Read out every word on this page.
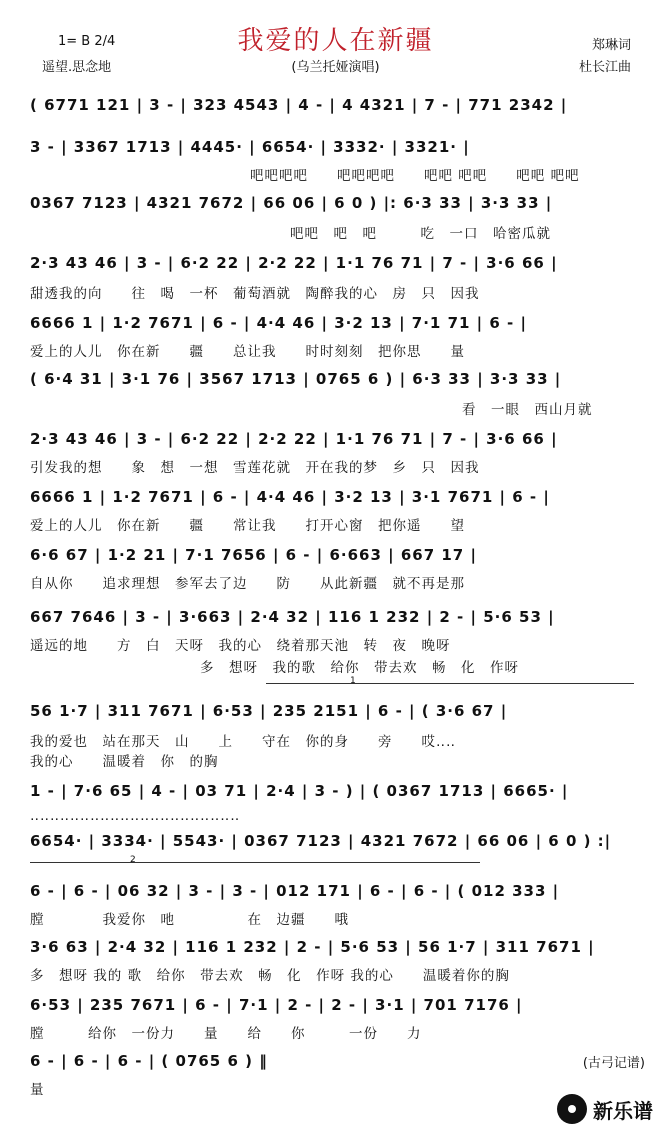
我爱的人在新疆
1= B 2/4
遥望.思念地	(乌兰托娅演唱)
郑琳词
杜长江曲
( 6771 121 | 3 - | 323 4543 | 4 - | 4 4321 | 7 - | 771 2342 |
3 - | 3367 1713 | 4445· | 6654· | 3332· | 3321· |
吧吧吧吧　　吧吧吧吧　　吧吧 吧吧　　吧吧 吧吧
0367 7123 | 4321 7672 | 66 06 | 6 0 ) |: 6·3 33 | 3·3 33 |
吧吧　吧　吧　　　吃　一口　哈密瓜就
2·3 43 46 | 3 - | 6·2 22 | 2·2 22 | 1·1 76 71 | 7 - | 3·6 66 |
甜透我的向　　往　喝　一杯　葡萄酒就　陶醉我的心　房　只　因我
6666 1 | 1·2 7671 | 6 - | 4·4 46 | 3·2 13 | 7·1 71 | 6 - |
爱上的人儿　你在新　　疆　　总让我　　时时刻刻　把你思　　量
( 6·4 31 | 3·1 76 | 3567 1713 | 0765 6 ) | 6·3 33 | 3·3 33 |
看　一眼　西山月就
2·3 43 46 | 3 - | 6·2 22 | 2·2 22 | 1·1 76 71 | 7 - | 3·6 66 |
引发我的想　　象　想　一想　雪莲花就　开在我的梦　乡　只　因我
6666 1 | 1·2 7671 | 6 - | 4·4 46 | 3·2 13 | 3·1 7671 | 6 - |
爱上的人儿　你在新　　疆　　常让我　　打开心窗　把你遥　　望
6·6 67 | 1·2 21 | 7·1 7656 | 6 - | 6·663 | 667 17 |
自从你　　追求理想　参军去了边　　防　　从此新疆　就不再是那
667 7646 | 3 - | 3·663 | 2·4 32 | 116 1 232 | 2 - | 5·6 53 |
遥远的地　　方　白　天呀　我的心　绕着那天池　转　夜　晚呀
多　想呀　我的歌　给你　带去欢　畅　化　作呀
1
56 1·7 | 311 7671 | 6·53 | 235 2151 | 6 - | ( 3·6 67 |
我的爱也　站在那天　山　　上　　守在　你的身　　旁　　哎‥‥
我的心　　温暖着　你　的胸
1 - | 7·6 65 | 4 - | 03 71 | 2·4 | 3 - ) | ( 0367 1713 | 6665· |
‥‥‥‥‥‥‥‥‥‥‥‥‥‥‥‥‥‥‥‥‥
6654· | 3334· | 5543· | 0367 7123 | 4321 7672 | 66 06 | 6 0 ) :|
2
6 - | 6 - | 06 32 | 3 - | 3 - | 012 171 | 6 - | 6 - | ( 012 333 |
膛　　　　我爱你　吔　　　　　在　边疆　　哦
3·6 63 | 2·4 32 | 116 1 232 | 2 - | 5·6 53 | 56 1·7 | 311 7671 |
多　想呀 我的 歌　给你　带去欢　畅　化　作呀 我的心　　温暖着你的胸
6·53 | 235 7671 | 6 - | 7·1 | 2 - | 2 - | 3·1 | 701 7176 |
膛　　　给你　一份力　　量　　给　　你　　　一份　　力
6 - | 6 - | 6 - | ( 0765 6 ) ‖
量
(古弓记谱)
新乐谱
